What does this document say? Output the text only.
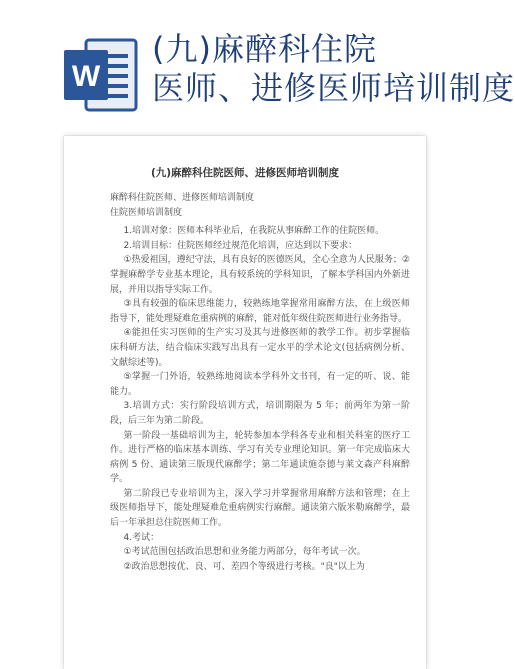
W
(九)麻醉科住院
医师、进修医师培训制度
(九)麻醉科住院医师、进修医师培训制度

麻醉科住院医师、进修医师培训制度

住院医师培训制度

1.培训对象：医师本科毕业后，在我院从事麻醉工作的住院医师。

2.培训目标：住院医师经过规范化培训，应达到以下要求：

①热爱祖国，遵纪守法，具有良好的医德医风，全心全意为人民服务；②掌握麻醉学专业基本理论，具有较系统的学科知识，了解本学科国内外新进展，并用以指导实际工作。

③具有较强的临床思维能力，较熟练地掌握常用麻醉方法，在上级医师指导下，能处理疑难危重病例的麻醉，能对低年级住院医师进行业务指导。

④能担任实习医师的生产实习及其与进修医师的教学工作。初步掌握临床科研方法，结合临床实践写出具有一定水平的学术论文(包括病例分析、文献综述等)。

⑤掌握一门外语，较熟练地阅读本学科外文书刊，有一定的听、说、能能力。

3.培训方式：实行阶段培训方式，培训期限为 5 年；前两年为第一阶段，后三年为第二阶段。

第一阶段一基础培训为主，轮转参加本学科各专业和相关科室的医疗工作。进行严格的临床基本训练、学习有关专业理论知识。第一年完成临床大病例 5 份、通读第三版现代麻醉学；第二年通读施奈德与莱文森产科麻醉学。

第二阶段已专业培训为主，深入学习并掌握常用麻醉方法和管理；在上级医师指导下，能处理疑难危重病例实行麻醉。通读第六版米勒麻醉学，最后一年承担总住院医师工作。

4.考试：

①考试范围包括政治思想和业务能力两部分，每年考试一次。

②政治思想按优、良、可、差四个等级进行考核。"良"以上为
